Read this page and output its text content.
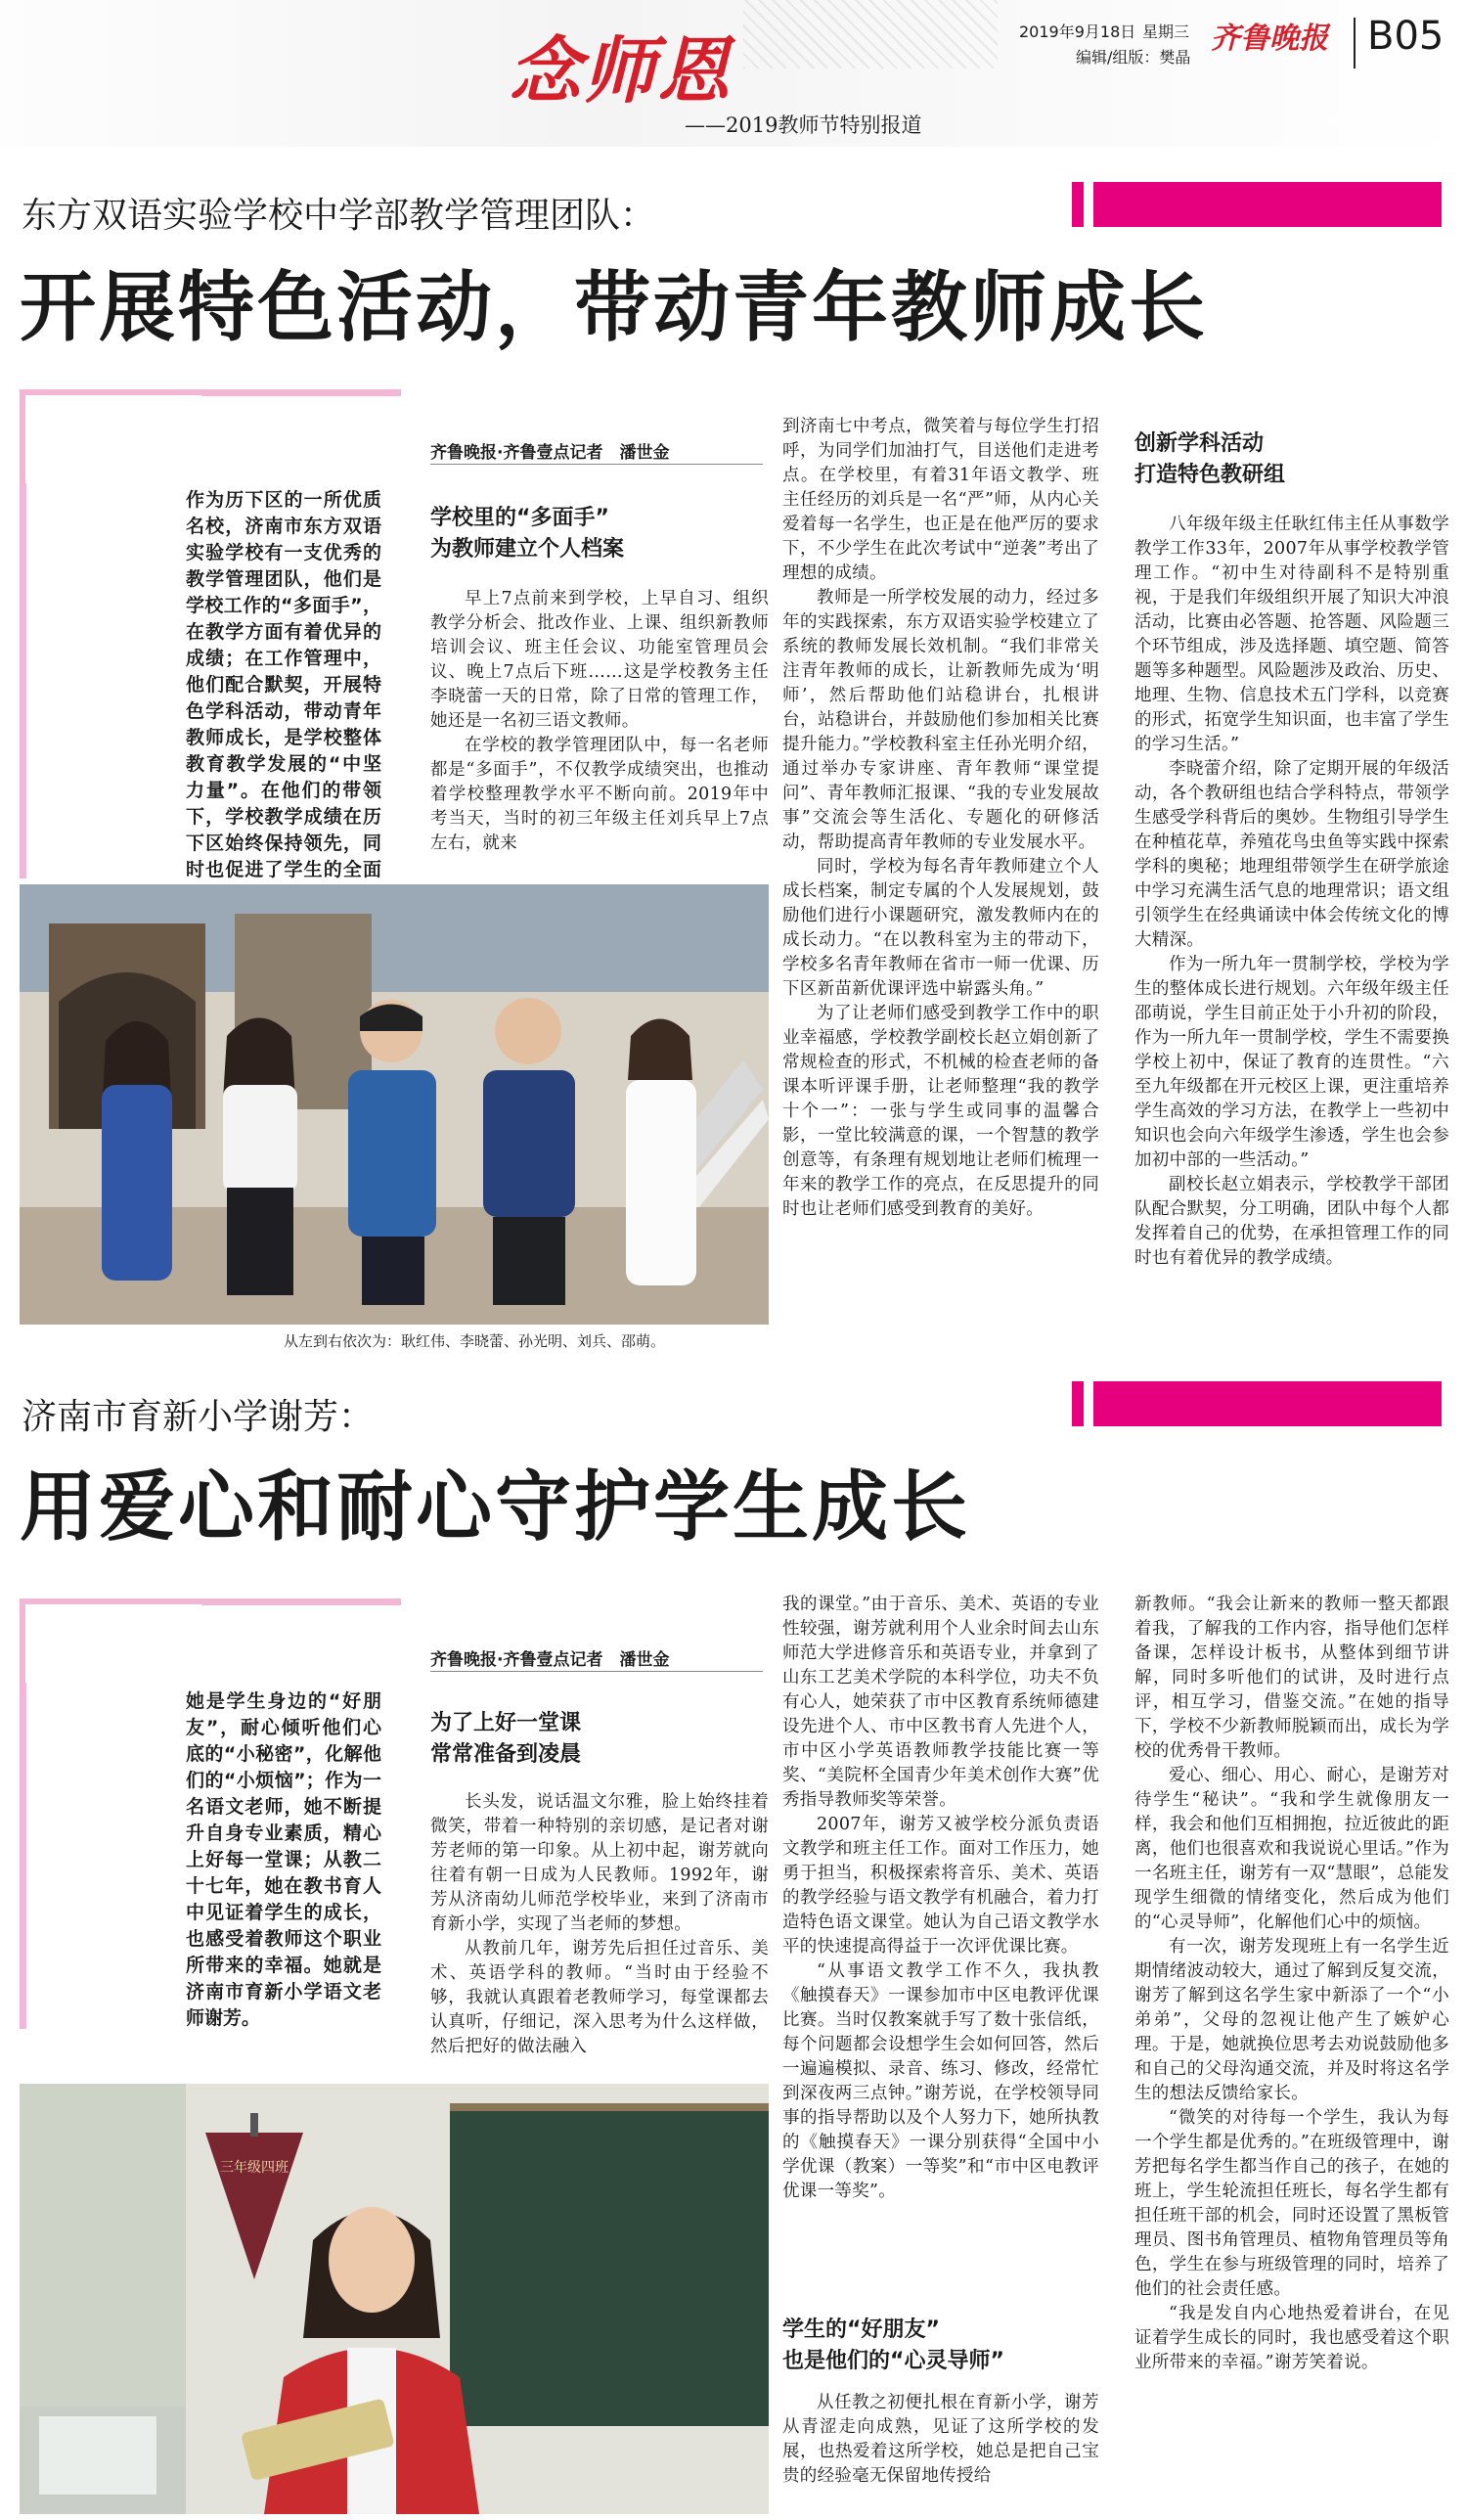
念师恩
——2019教师节特别报道
2019年9月18日 星期三
编辑/组版：樊晶
齐鲁晚报 B05
东方双语实验学校中学部教学管理团队：
开展特色活动，带动青年教师成长
作为历下区的一所优质名校，济南市东方双语实验学校有一支优秀的教学管理团队，他们是学校工作的“多面手”，在教学方面有着优异的成绩；在工作管理中，他们配合默契，开展特色学科活动，带动青年教师成长，是学校整体教育教学发展的“中坚力量”。在他们的带领下，学校教学成绩在历下区始终保持领先，同时也促进了学生的全面
齐鲁晚报·齐鲁壹点记者　潘世金
学校里的“多面手”
为教师建立个人档案

早上7点前来到学校，上早自习、组织教学分析会、批改作业、上课、组织新教师培训会议、班主任会议、功能室管理员会议、晚上7点后下班……这是学校教务主任李晓蕾一天的日常，除了日常的管理工作，她还是一名初三语文教师。

在学校的教学管理团队中，每一名老师都是“多面手”，不仅教学成绩突出，也推动着学校整理教学水平不断向前。2019年中考当天，当时的初三年级主任刘兵早上7点左右，就来

从左到右依次为：耿红伟、李晓蕾、孙光明、刘兵、邵萌。

到济南七中考点，微笑着与每位学生打招呼，为同学们加油打气，目送他们走进考点。在学校里，有着31年语文教学、班主任经历的刘兵是一名“严”师，从内心关爱着每一名学生，也正是在他严厉的要求下，不少学生在此次考试中“逆袭”考出了理想的成绩。

教师是一所学校发展的动力，经过多年的实践探索，东方双语实验学校建立了系统的教师发展长效机制。“我们非常关注青年教师的成长，让新教师先成为‘明师’，然后帮助他们站稳讲台，扎根讲台，站稳讲台，并鼓励他们参加相关比赛提升能力。”学校教科室主任孙光明介绍，通过举办专家讲座、青年教师“课堂提问”、青年教师汇报课、“我的专业发展故事”交流会等生活化、专题化的研修活动，帮助提高青年教师的专业发展水平。

同时，学校为每名青年教师建立个人成长档案，制定专属的个人发展规划，鼓励他们进行小课题研究，激发教师内在的成长动力。“在以教科室为主的带动下，学校多名青年教师在省市一师一优课、历下区新苗新优课评选中崭露头角。”

为了让老师们感受到教学工作中的职业幸福感，学校教学副校长赵立娟创新了常规检查的形式，不机械的检查老师的备课本听评课手册，让老师整理“我的教学十个一”：一张与学生或同事的温馨合影，一堂比较满意的课，一个智慧的教学创意等，有条理有规划地让老师们梳理一年来的教学工作的亮点，在反思提升的同时也让老师们感受到教育的美好。

创新学科活动
打造特色教研组

八年级年级主任耿红伟主任从事数学教学工作33年，2007年从事学校教学管理工作。“初中生对待副科不是特别重视，于是我们年级组织开展了知识大冲浪活动，比赛由必答题、抢答题、风险题三个环节组成，涉及选择题、填空题、简答题等多种题型。风险题涉及政治、历史、地理、生物、信息技术五门学科，以竞赛的形式，拓宽学生知识面，也丰富了学生的学习生活。”

李晓蕾介绍，除了定期开展的年级活动，各个教研组也结合学科特点，带领学生感受学科背后的奥妙。生物组引导学生在种植花草，养殖花鸟虫鱼等实践中探索学科的奥秘；地理组带领学生在研学旅途中学习充满生活气息的地理常识；语文组引领学生在经典诵读中体会传统文化的博大精深。

作为一所九年一贯制学校，学校为学生的整体成长进行规划。六年级年级主任邵萌说，学生目前正处于小升初的阶段，作为一所九年一贯制学校，学生不需要换学校上初中，保证了教育的连贯性。“六至九年级都在开元校区上课，更注重培养学生高效的学习方法，在教学上一些初中知识也会向六年级学生渗透，学生也会参加初中部的一些活动。”

副校长赵立娟表示，学校教学干部团队配合默契，分工明确，团队中每个人都发挥着自己的优势，在承担管理工作的同时也有着优异的教学成绩。

济南市育新小学谢芳：
用爱心和耐心守护学生成长
她是学生身边的“好朋友”，耐心倾听他们心底的“小秘密”，化解他们的“小烦恼”；作为一名语文老师，她不断提升自身专业素质，精心上好每一堂课；从教二十七年，她在教书育人中见证着学生的成长，也感受着教师这个职业所带来的幸福。她就是济南市育新小学语文老师谢芳。
齐鲁晚报·齐鲁壹点记者　潘世金
为了上好一堂课
常常准备到凌晨

长头发，说话温文尔雅，脸上始终挂着微笑，带着一种特别的亲切感，是记者对谢芳老师的第一印象。从上初中起，谢芳就向往着有朝一日成为人民教师。1992年，谢芳从济南幼儿师范学校毕业，来到了济南市育新小学，实现了当老师的梦想。

从教前几年，谢芳先后担任过音乐、美术、英语学科的教师。“当时由于经验不够，我就认真跟着老教师学习，每堂课都去认真听，仔细记，深入思考为什么这样做，然后把好的做法融入

三年级四班

我的课堂。”由于音乐、美术、英语的专业性较强，谢芳就利用个人业余时间去山东师范大学进修音乐和英语专业，并拿到了山东工艺美术学院的本科学位，功夫不负有心人，她荣获了市中区教育系统师德建设先进个人、市中区教书育人先进个人，市中区小学英语教师教学技能比赛一等奖、“美院杯全国青少年美术创作大赛”优秀指导教师奖等荣誉。

2007年，谢芳又被学校分派负责语文教学和班主任工作。面对工作压力，她勇于担当，积极探索将音乐、美术、英语的教学经验与语文教学有机融合，着力打造特色语文课堂。她认为自己语文教学水平的快速提高得益于一次评优课比赛。

“从事语文教学工作不久，我执教《触摸春天》一课参加市中区电教评优课比赛。当时仅教案就手写了数十张信纸，每个问题都会设想学生会如何回答，然后一遍遍模拟、录音、练习、修改，经常忙到深夜两三点钟。”谢芳说，在学校领导同事的指导帮助以及个人努力下，她所执教的《触摸春天》一课分别获得“全国中小学优课（教案）一等奖”和“市中区电教评优课一等奖”。

学生的“好朋友”
也是他们的“心灵导师”

从任教之初便扎根在育新小学，谢芳从青涩走向成熟，见证了这所学校的发展，也热爱着这所学校，她总是把自己宝贵的经验毫无保留地传授给

新教师。“我会让新来的教师一整天都跟着我，了解我的工作内容，指导他们怎样备课，怎样设计板书，从整体到细节讲解，同时多听他们的试讲，及时进行点评，相互学习，借鉴交流。”在她的指导下，学校不少新教师脱颖而出，成长为学校的优秀骨干教师。

爱心、细心、用心、耐心，是谢芳对待学生“秘诀”。“我和学生就像朋友一样，我会和他们互相拥抱，拉近彼此的距离，他们也很喜欢和我说说心里话。”作为一名班主任，谢芳有一双“慧眼”，总能发现学生细微的情绪变化，然后成为他们的“心灵导师”，化解他们心中的烦恼。

有一次，谢芳发现班上有一名学生近期情绪波动较大，通过了解到反复交流，谢芳了解到这名学生家中新添了一个“小弟弟”，父母的忽视让他产生了嫉妒心理。于是，她就换位思考去劝说鼓励他多和自己的父母沟通交流，并及时将这名学生的想法反馈给家长。

“微笑的对待每一个学生，我认为每一个学生都是优秀的。”在班级管理中，谢芳把每名学生都当作自己的孩子，在她的班上，学生轮流担任班长，每名学生都有担任班干部的机会，同时还设置了黑板管理员、图书角管理员、植物角管理员等角色，学生在参与班级管理的同时，培养了他们的社会责任感。

“我是发自内心地热爱着讲台，在见证着学生成长的同时，我也感受着这个职业所带来的幸福。”谢芳笑着说。
